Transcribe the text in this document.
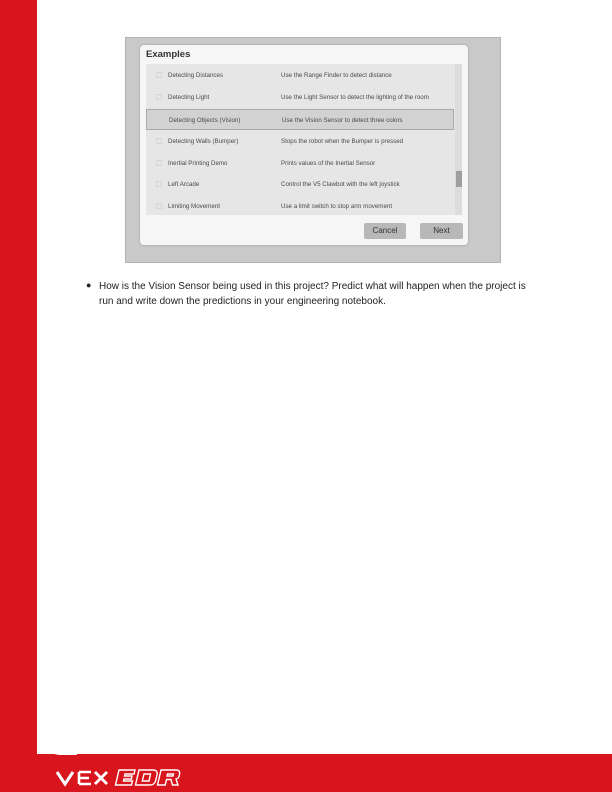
Examples
Detecting Distances	Use the Range Finder to detect distance
Detecting Light	Use the Light Sensor to detect the lighting of the room
Detecting Objects (Vision)	Use the Vision Sensor to detect three colors
Detecting Walls (Bumper)	Stops the robot when the Bumper is pressed
Inertial Printing Demo	Prints values of the Inertial Sensor
Left Arcade	Control the V5 Clawbot with the left joystick
Limiting Movement	Use a limit switch to stop arm movement
Cancel	Next
● How is the Vision Sensor being used in this project? Predict what will happen when the project is run and write down the predictions in your engineering notebook.
